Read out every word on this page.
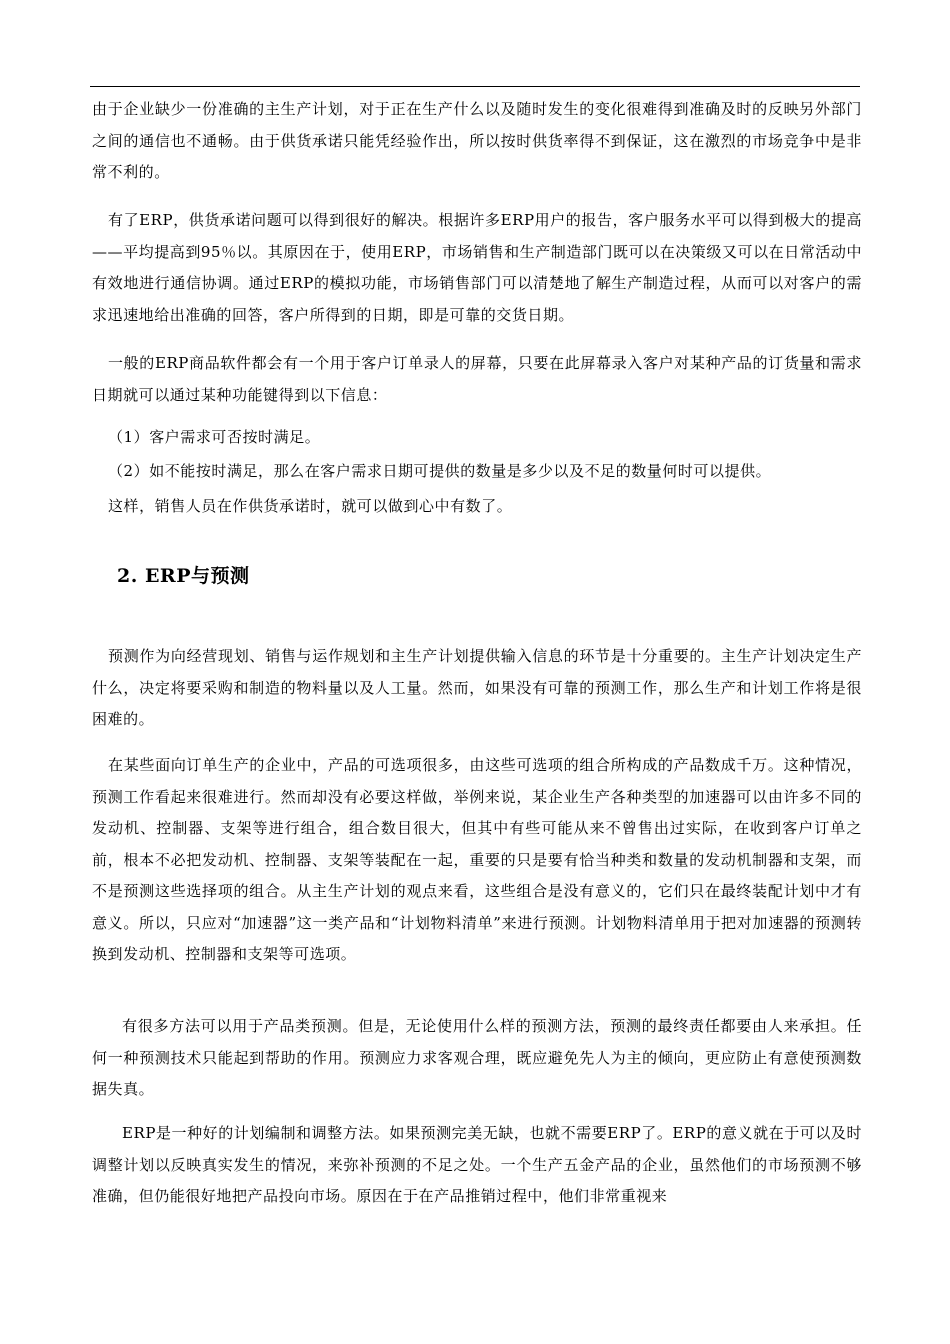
由于企业缺少一份准确的主生产计划，对于正在生产什么以及随时发生的变化很难得到准确及时的反映另外部门之间的通信也不通畅。由于供货承诺只能凭经验作出，所以按时供货率得不到保证，这在激烈的市场竞争中是非常不利的。

有了ERP，供货承诺问题可以得到很好的解决。根据许多ERP用户的报告，客户服务水平可以得到极大的提高——平均提高到95％以。其原因在于，使用ERP，市场销售和生产制造部门既可以在决策级又可以在日常活动中有效地进行通信协调。通过ERP的模拟功能，市场销售部门可以清楚地了解生产制造过程，从而可以对客户的需求迅速地给出准确的回答，客户所得到的日期，即是可靠的交货日期。

一般的ERP商品软件都会有一个用于客户订单录人的屏幕，只要在此屏幕录入客户对某种产品的订货量和需求日期就可以通过某种功能键得到以下信息：

（1）客户需求可否按时满足。

（2）如不能按时满足，那么在客户需求日期可提供的数量是多少以及不足的数量何时可以提供。

这样，销售人员在作供货承诺时，就可以做到心中有数了。

2. ERP与预测

预测作为向经营现划、销售与运作规划和主生产计划提供输入信息的环节是十分重要的。主生产计划决定生产什么，决定将要采购和制造的物料量以及人工量。然而，如果没有可靠的预测工作，那么生产和计划工作将是很困难的。

在某些面向订单生产的企业中，产品的可选项很多，由这些可选项的组合所构成的产品数成千万。这种情况，预测工作看起来很难进行。然而却没有必要这样做，举例来说，某企业生产各种类型的加速器可以由许多不同的发动机、控制器、支架等进行组合，组合数目很大，但其中有些可能从来不曾售出过实际，在收到客户订单之前，根本不必把发动机、控制器、支架等装配在一起，重要的只是要有恰当种类和数量的发动机制器和支架，而不是预测这些选择项的组合。从主生产计划的观点来看，这些组合是没有意义的，它们只在最终装配计划中才有意义。所以，只应对“加速器”这一类产品和“计划物料清单”来进行预测。计划物料清单用于把对加速器的预测转换到发动机、控制器和支架等可选项。

有很多方法可以用于产品类预测。但是，无论使用什么样的预测方法，预测的最终责任都要由人来承担。任何一种预测技术只能起到帮助的作用。预测应力求客观合理，既应避免先人为主的倾向，更应防止有意使预测数据失真。

ERP是一种好的计划编制和调整方法。如果预测完美无缺，也就不需要ERP了。ERP的意义就在于可以及时调整计划以反映真实发生的情况，来弥补预测的不足之处。一个生产五金产品的企业，虽然他们的市场预测不够准确，但仍能很好地把产品投向市场。原因在于在产品推销过程中，他们非常重视来
